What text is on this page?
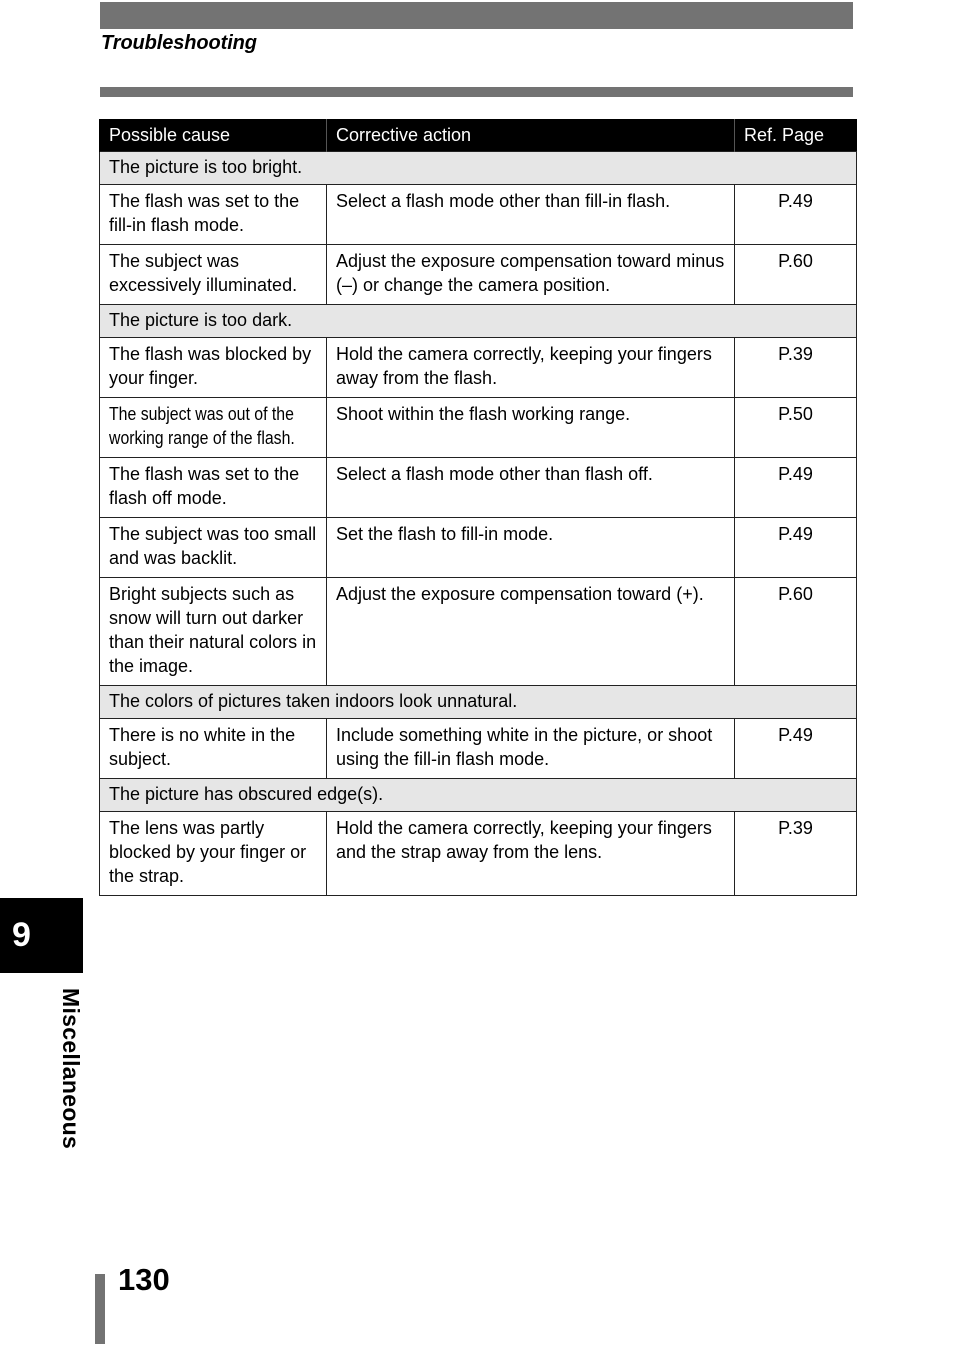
Troubleshooting
Possible cause	Corrective action	Ref. Page
The picture is too bright.		
The flash was set to the fill-in flash mode.	Select a flash mode other than fill-in flash.	P.49
The subject was excessively illuminated.	Adjust the exposure compensation toward minus (–) or change the camera position.	P.60
The picture is too dark.		
The flash was blocked by your finger.	Hold the camera correctly, keeping your fingers away from the flash.	P.39
The subject was out of the working range of the flash.	Shoot within the flash working range.	P.50
The flash was set to the flash off mode.	Select a flash mode other than flash off.	P.49
The subject was too small and was backlit.	Set the flash to fill-in mode.	P.49
Bright subjects such as snow will turn out darker than their natural colors in the image.	Adjust the exposure compensation toward (+).	P.60
The colors of pictures taken indoors look unnatural.		
There is no white in the subject.	Include something white in the picture, or shoot using the fill-in flash mode.	P.49
The picture has obscured edge(s).		
The lens was partly blocked by your finger or the strap.	Hold the camera correctly, keeping your fingers and the strap away from the lens.	P.39
9
Miscellaneous
130
